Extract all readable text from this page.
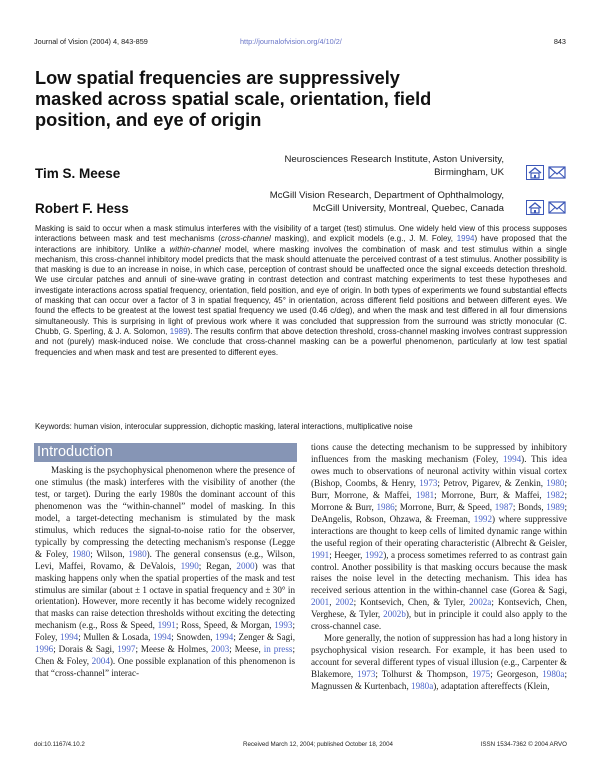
Journal of Vision (2004) 4, 843-859	http://journalofvision.org/4/10/2/	843
Low spatial frequencies are suppressively masked across spatial scale, orientation, field position, and eye of origin
Tim S. Meese
Neurosciences Research Institute, Aston University,
Birmingham, UK
Robert F. Hess
McGill Vision Research, Department of Ophthalmology,
McGill University, Montreal, Quebec, Canada
Masking is said to occur when a mask stimulus interferes with the visibility of a target (test) stimulus. One widely held view of this process supposes interactions between mask and test mechanisms (cross-channel masking), and explicit models (e.g., J. M. Foley, 1994) have proposed that the interactions are inhibitory. Unlike a within-channel model, where masking involves the combination of mask and test stimulus within a single mechanism, this cross-channel inhibitory model predicts that the mask should attenuate the perceived contrast of a test stimulus. Another possibility is that masking is due to an increase in noise, in which case, perception of contrast should be unaffected once the signal exceeds detection threshold. We use circular patches and annuli of sine-wave grating in contrast detection and contrast matching experiments to test these hypotheses and investigate interactions across spatial frequency, orientation, field position, and eye of origin. In both types of experiments we found substantial effects of masking that can occur over a factor of 3 in spatial frequency, 45° in orientation, across different field positions and between different eyes. We found the effects to be greatest at the lowest test spatial frequency we used (0.46 c/deg), and when the mask and test differed in all four dimensions simultaneously. This is surprising in light of previous work where it was concluded that suppression from the surround was strictly monocular (C. Chubb, G. Sperling, & J. A. Solomon, 1989). The results confirm that above detection threshold, cross-channel masking involves contrast suppression and not (purely) mask-induced noise. We conclude that cross-channel masking can be a powerful phenomenon, particularly at low test spatial frequencies and when mask and test are presented to different eyes.
Keywords: human vision, interocular suppression, dichoptic masking, lateral interactions, multiplicative noise
Introduction

Masking is the psychophysical phenomenon where the presence of one stimulus (the mask) interferes with the visibility of another (the test, or target). During the early 1980s the dominant account of this phenomenon was the “within-channel” model of masking. In this model, a target-detecting mechanism is stimulated by the mask stimulus, which reduces the signal-to-noise ratio for the observer, typically by compressing the detecting mechanism's response (Legge & Foley, 1980; Wilson, 1980). The general consensus (e.g., Wilson, Levi, Maffei, Rovamo, & DeValois, 1990; Regan, 2000) was that masking happens only when the spatial properties of the mask and test stimulus are similar (about ± 1 octave in spatial frequency and ± 30° in orientation). However, more recently it has become widely recognized that masks can raise detection thresholds without exciting the detecting mechanism (e.g., Ross & Speed, 1991; Ross, Speed, & Morgan, 1993; Foley, 1994; Mullen & Losada, 1994; Snowden, 1994; Zenger & Sagi, 1996; Dorais & Sagi, 1997; Meese & Holmes, 2003; Meese, in press; Chen & Foley, 2004). One possible explanation of this phenomenon is that “cross-channel” interac-

tions cause the detecting mechanism to be suppressed by inhibitory influences from the masking mechanism (Foley, 1994). This idea owes much to observations of neuronal activity within visual cortex (Bishop, Coombs, & Henry, 1973; Petrov, Pigarev, & Zenkin, 1980; Burr, Morrone, & Maffei, 1981; Morrone, Burr, & Maffei, 1982; Morrone & Burr, 1986; Morrone, Burr, & Speed, 1987; Bonds, 1989; DeAngelis, Robson, Ohzawa, & Freeman, 1992) where suppressive interactions are thought to keep cells of limited dynamic range within the useful region of their operating characteristic (Albrecht & Geisler, 1991; Heeger, 1992), a process sometimes referred to as contrast gain control. Another possibility is that masking occurs because the mask raises the noise level in the detecting mechanism. This idea has received serious attention in the within-channel case (Gorea & Sagi, 2001, 2002; Kontsevich, Chen, & Tyler, 2002a; Kontsevich, Chen, Verghese, & Tyler, 2002b), but in principle it could also apply to the cross-channel case.

More generally, the notion of suppression has had a long history in psychophysical vision research. For example, it has been used to account for several different types of visual illusion (e.g., Carpenter & Blakemore, 1973; Tolhurst & Thompson, 1975; Georgeson, 1980a; Magnussen & Kurtenbach, 1980a), adaptation aftereffects (Klein,

doi:10.1167/4.10.2	Received March 12, 2004; published October 18, 2004	ISSN 1534-7362 © 2004 ARVO
